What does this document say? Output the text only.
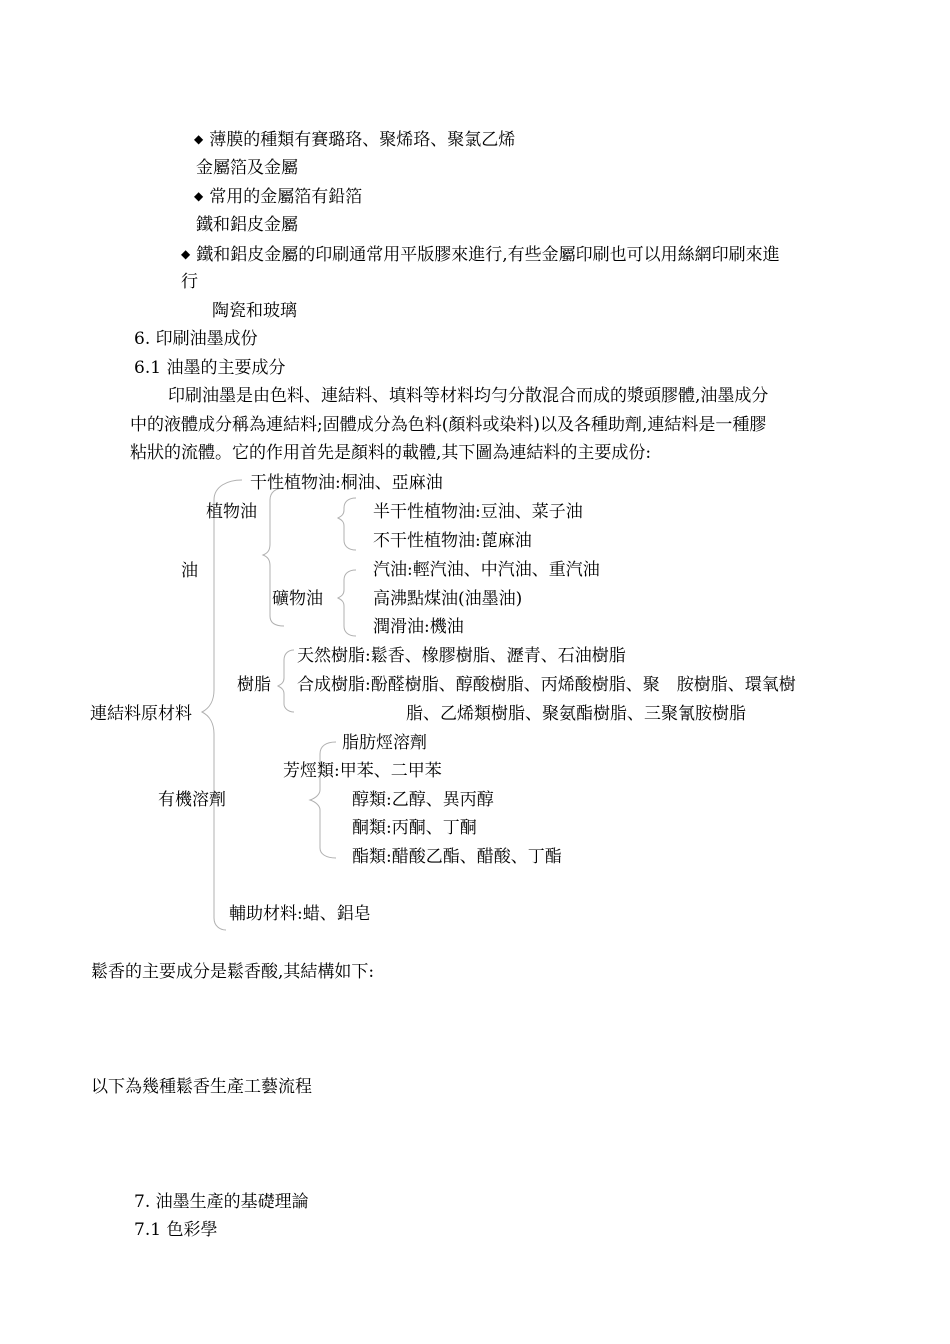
◆ 薄膜的種類有賽璐珞、聚烯珞、聚氯乙烯
金屬箔及金屬
◆ 常用的金屬箔有鉛箔
鐵和鋁皮金屬
◆ 鐵和鋁皮金屬的印刷通常用平版膠來進行,有些金屬印刷也可以用絲網印刷來進
行
陶瓷和玻璃
6. 印刷油墨成份
6.1 油墨的主要成分
印刷油墨是由色料、連結料、填料等材料均勻分散混合而成的漿頭膠體,油墨成分
中的液體成分稱為連結料;固體成分為色料(顏料或染料)以及各種助劑,連結料是一種膠
粘狀的流體。它的作用首先是顏料的載體,其下圖為連結料的主要成份:
連結料原材料
油
植物油
干性植物油:桐油、亞麻油
半干性植物油:豆油、菜子油
不干性植物油:蓖麻油
礦物油
汽油:輕汽油、中汽油、重汽油
高沸點煤油(油墨油)
潤滑油:機油
樹脂
天然樹脂:鬆香、橡膠樹脂、瀝青、石油樹脂
合成樹脂:酚醛樹脂、醇酸樹脂、丙烯酸樹脂、聚　胺樹脂、環氧樹
脂、乙烯類樹脂、聚氨酯樹脂、三聚氰胺樹脂
有機溶劑
脂肪烴溶劑
芳烴類:甲苯、二甲苯
醇類:乙醇、異丙醇
酮類:丙酮、丁酮
酯類:醋酸乙酯、醋酸、丁酯
輔助材料:蜡、鋁皂
鬆香的主要成分是鬆香酸,其結構如下:
以下為幾種鬆香生產工藝流程
7. 油墨生產的基礎理論
7.1 色彩學
